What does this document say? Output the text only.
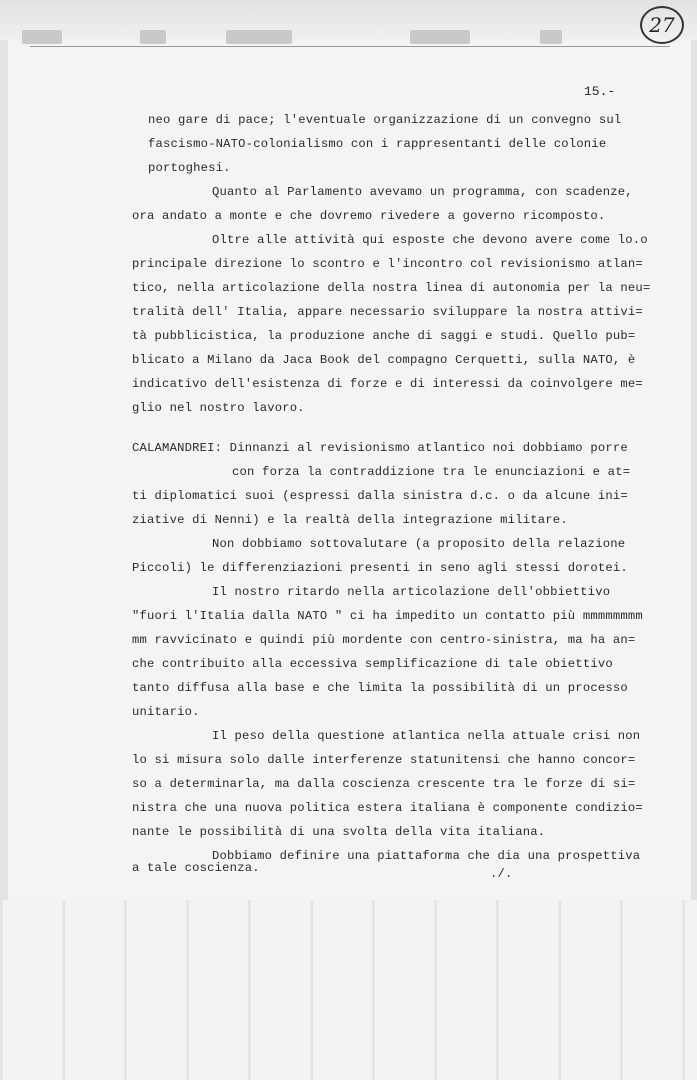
27
15.-
neo gare di pace; l'eventuale organizzazione di un convegno sul
fascismo-NATO-colonialismo con i rappresentanti delle colonie
portoghesi.
Quanto al Parlamento avevamo un programma, con scadenze,
ora andato a monte e che dovremo rivedere a governo ricomposto.
Oltre alle attività qui esposte che devono avere come lo.o
principale direzione lo scontro e l'incontro col revisionismo atlan=
tico, nella articolazione della nostra linea di autonomia per la neu=
tralità dell' Italia, appare necessario sviluppare la nostra attivi=
tà pubblicistica, la produzione anche di saggi e studi. Quello pub=
blicato a Milano da Jaca Book del compagno Cerquetti, sulla NATO, è
indicativo dell'esistenza di forze e di interessi da coinvolgere me=
glio nel nostro lavoro.
CALAMANDREI: Dinnanzi al revisionismo atlantico noi dobbiamo porre
con forza la contraddizione tra le enunciazioni e at=
ti diplomatici suoi (espressi dalla sinistra d.c. o da alcune ini=
ziative di Nenni) e la realtà della integrazione militare.
Non dobbiamo sottovalutare (a proposito della relazione
Piccoli) le differenziazioni presenti in seno agli stessi dorotei.
Il nostro ritardo nella articolazione dell'obbiettivo
"fuori l'Italia dalla NATO " ci ha impedito un contatto più mmmmmmmm
mm ravvicinato e quindi più mordente con centro-sinistra, ma ha an=
che contribuito alla eccessiva semplificazione di tale obiettivo
tanto diffusa alla base e che limita la possibilità di un processo
unitario.
Il peso della questione atlantica nella attuale crisi non
lo si misura solo dalle interferenze statunitensi che hanno concor=
so a determinarla, ma dalla coscienza crescente tra le forze di si=
nistra che una nuova politica estera italiana è componente condizio=
nante le possibilità di una svolta della vita italiana.
Dobbiamo definire una piattaforma che dia una prospettiva
a tale coscienza.	./.
